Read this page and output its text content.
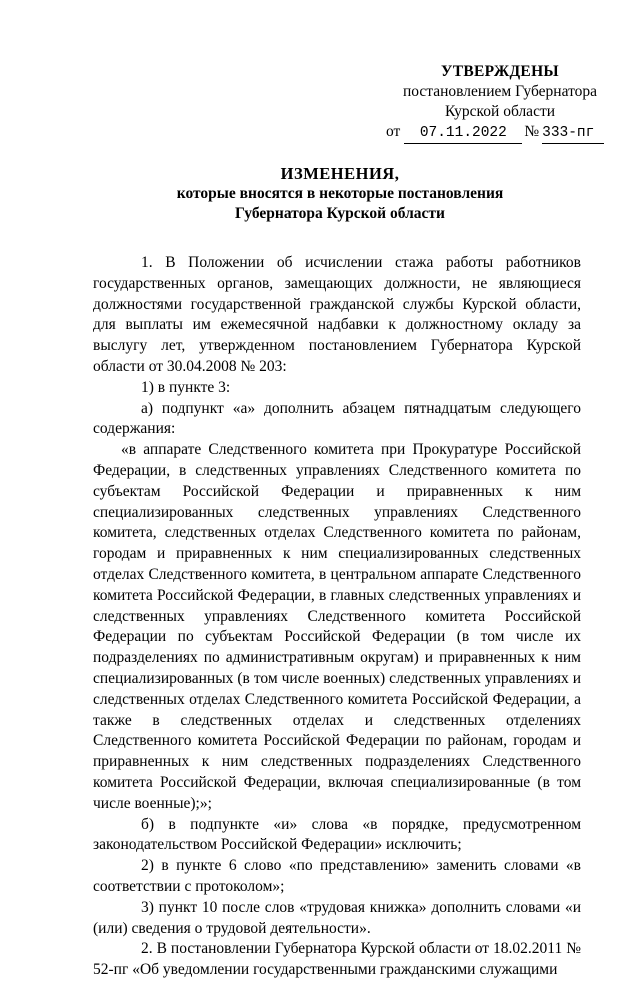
УТВЕРЖДЕНЫ
постановлением Губернатора
Курской области
от	07.11.2022	№ 333-пг
ИЗМЕНЕНИЯ,
которые вносятся в некоторые постановления
Губернатора Курской области

1. В Положении об исчислении стажа работы работников государственных органов, замещающих должности, не являющиеся должностями государственной гражданской службы Курской области, для выплаты им ежемесячной надбавки к должностному окладу за выслугу лет, утвержденном постановлением Губернатора Курской области от 30.04.2008 № 203:

1) в пункте 3:

а) подпункт «а» дополнить абзацем пятнадцатым следующего содержания:

«в аппарате Следственного комитета при Прокуратуре Российской Федерации, в следственных управлениях Следственного комитета по субъектам Российской Федерации и приравненных к ним специализированных следственных управлениях Следственного комитета, следственных отделах Следственного комитета по районам, городам и приравненных к ним специализированных следственных отделах Следственного комитета, в центральном аппарате Следственного комитета Российской Федерации, в главных следственных управлениях и следственных управлениях Следственного комитета Российской Федерации по субъектам Российской Федерации (в том числе их подразделениях по административным округам) и приравненных к ним специализированных (в том числе военных) следственных управлениях и следственных отделах Следственного комитета Российской Федерации, а также в следственных отделах и следственных отделениях Следственного комитета Российской Федерации по районам, городам и приравненных к ним следственных подразделениях Следственного комитета Российской Федерации, включая специализированные (в том числе военные);»;

б) в подпункте «и» слова «в порядке, предусмотренном законодательством Российской Федерации» исключить;

2) в пункте 6 слово «по представлению» заменить словами «в соответствии с протоколом»;

3) пункт 10 после слов «трудовая книжка» дополнить словами «и (или) сведения о трудовой деятельности».

2. В постановлении Губернатора Курской области от 18.02.2011 № 52-пг «Об уведомлении государственными гражданскими служащими
